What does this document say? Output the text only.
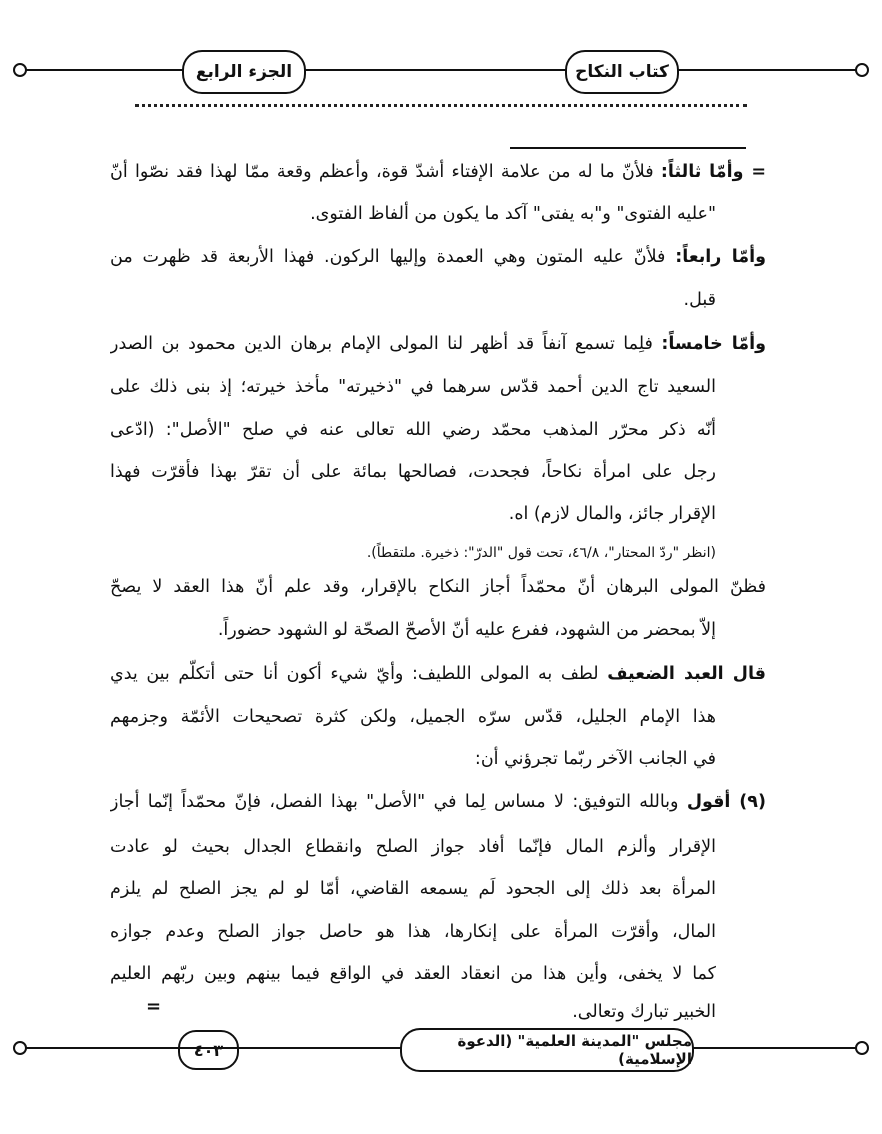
الجزء الرابع	كتاب النكاح
= وأمّا ثالثاً: فلأنّ ما له من علامة الإفتاء أشدّ قوة، وأعظم وقعة ممّا لهذا فقد نصّوا أنّ
"عليه الفتوى" و"به يفتى" آكد ما يكون من ألفاظ الفتوى.
وأمّا رابعاً: فلأنّ عليه المتون وهي العمدة وإليها الركون. فهذا الأربعة قد ظهرت من
قبل.
وأمّا خامساً: فلِما تسمع آنفاً قد أظهر لنا المولى الإمام برهان الدين محمود بن الصدر
السعيد تاج الدين أحمد قدّس سرهما في "ذخيرته" مأخذ خيرته؛ إذ بنى ذلك على
أنّه ذكر محرّر المذهب محمّد رضي الله تعالى عنه في صلح "الأصل": (ادّعى
رجل على امرأة نكاحاً، فجحدت، فصالحها بمائة على أن تقرّ بهذا فأقرّت فهذا
الإقرار جائز، والمال لازم) اه.
(انظر "ردّ المحتار"، ٤٦/٨، تحت قول "الدرّ": ذخيرة. ملتقطاً).
فظنّ المولى البرهان أنّ محمّداً أجاز النكاح بالإقرار، وقد علم أنّ هذا العقد لا يصحّ
إلاّ بمحضر من الشهود، ففرع عليه أنّ الأصحّ الصحّة لو الشهود حضوراً.
قال العبد الضعيف لطف به المولى اللطيف: وأيّ شيء أكون أنا حتى أتكلّم بين يدي
هذا الإمام الجليل، قدّس سرّه الجميل، ولكن كثرة تصحيحات الأئمّة وجزمهم
في الجانب الآخر ربّما تجرؤني أن:
(٩) أقول وبالله التوفيق: لا مساس لِما في "الأصل" بهذا الفصل، فإنّ محمّداً إنّما أجاز
الإقرار وألزم المال فإنّما أفاد جواز الصلح وانقطاع الجدال بحيث لو عادت
المرأة بعد ذلك إلى الجحود لَم يسمعه القاضي، أمّا لو لم يجز الصلح لم يلزم
المال، وأقرّت المرأة على إنكارها، هذا هو حاصل جواز الصلح وعدم جوازه
كما لا يخفى، وأين هذا من انعقاد العقد في الواقع فيما بينهم وبين ربّهم العليم
الخبير تبارك وتعالى.
=
٤٠٣	مجلس "المدينة العلمية" (الدعوة الإسلامية)
